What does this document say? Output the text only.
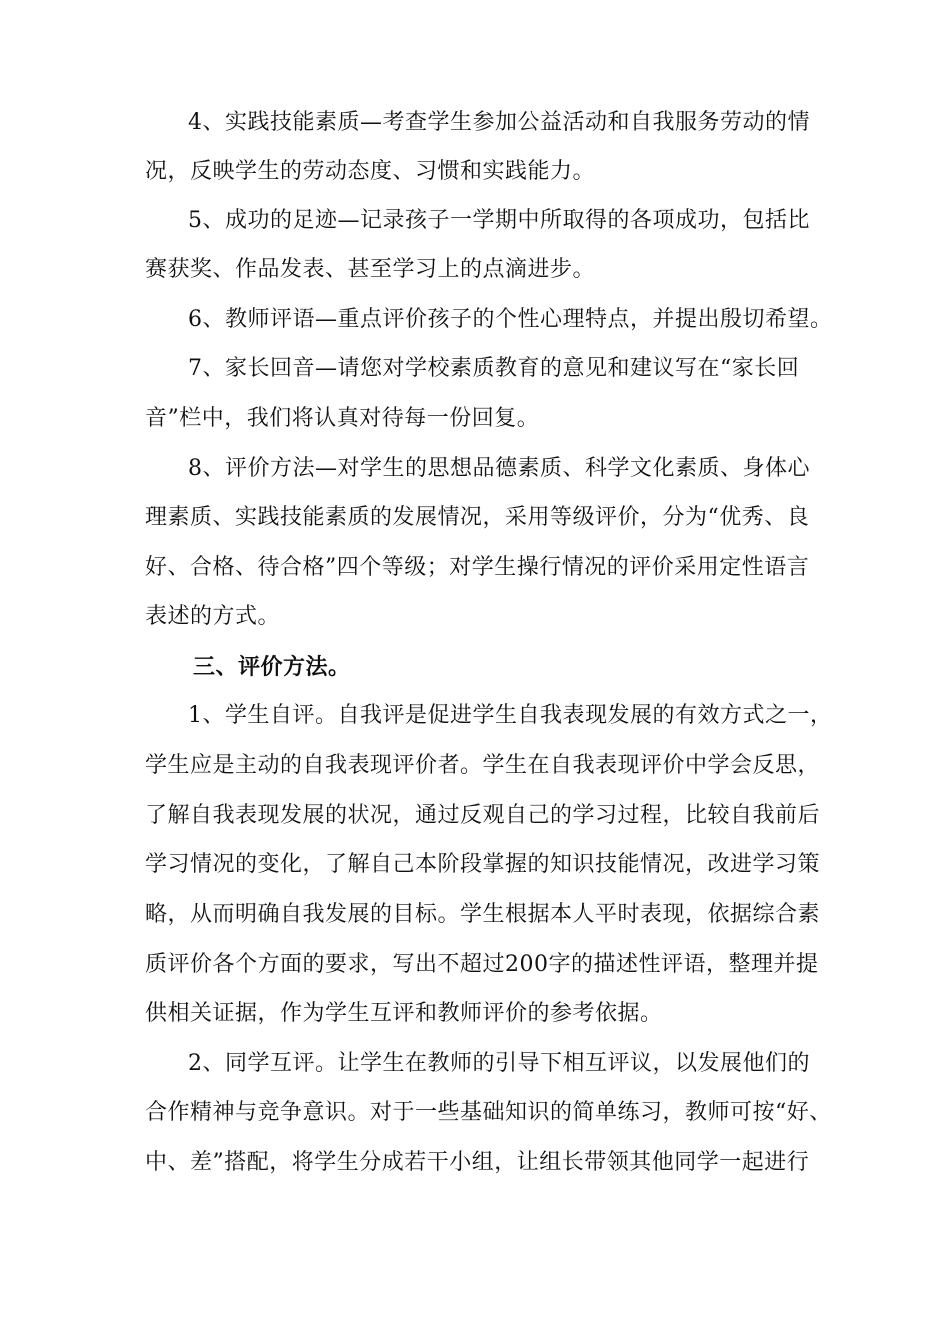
4、实践技能素质—考查学生参加公益活动和自我服务劳动的情
况，反映学生的劳动态度、习惯和实践能力。
5、成功的足迹—记录孩子一学期中所取得的各项成功，包括比
赛获奖、作品发表、甚至学习上的点滴进步。
6、教师评语—重点评价孩子的个性心理特点，并提出殷切希望。
7、家长回音—请您对学校素质教育的意见和建议写在“家长回
音”栏中，我们将认真对待每一份回复。
8、评价方法—对学生的思想品德素质、科学文化素质、身体心
理素质、实践技能素质的发展情况，采用等级评价，分为“优秀、良
好、合格、待合格”四个等级；对学生操行情况的评价采用定性语言
表述的方式。
三、评价方法。
1、学生自评。自我评是促进学生自我表现发展的有效方式之一，
学生应是主动的自我表现评价者。学生在自我表现评价中学会反思，
了解自我表现发展的状况，通过反观自己的学习过程，比较自我前后
学习情况的变化，了解自己本阶段掌握的知识技能情况，改进学习策
略，从而明确自我发展的目标。学生根据本人平时表现，依据综合素
质评价各个方面的要求，写出不超过200字的描述性评语，整理并提
供相关证据，作为学生互评和教师评价的参考依据。
2、同学互评。让学生在教师的引导下相互评议，以发展他们的
合作精神与竞争意识。对于一些基础知识的简单练习，教师可按“好、
中、差”搭配，将学生分成若干小组，让组长带领其他同学一起进行
